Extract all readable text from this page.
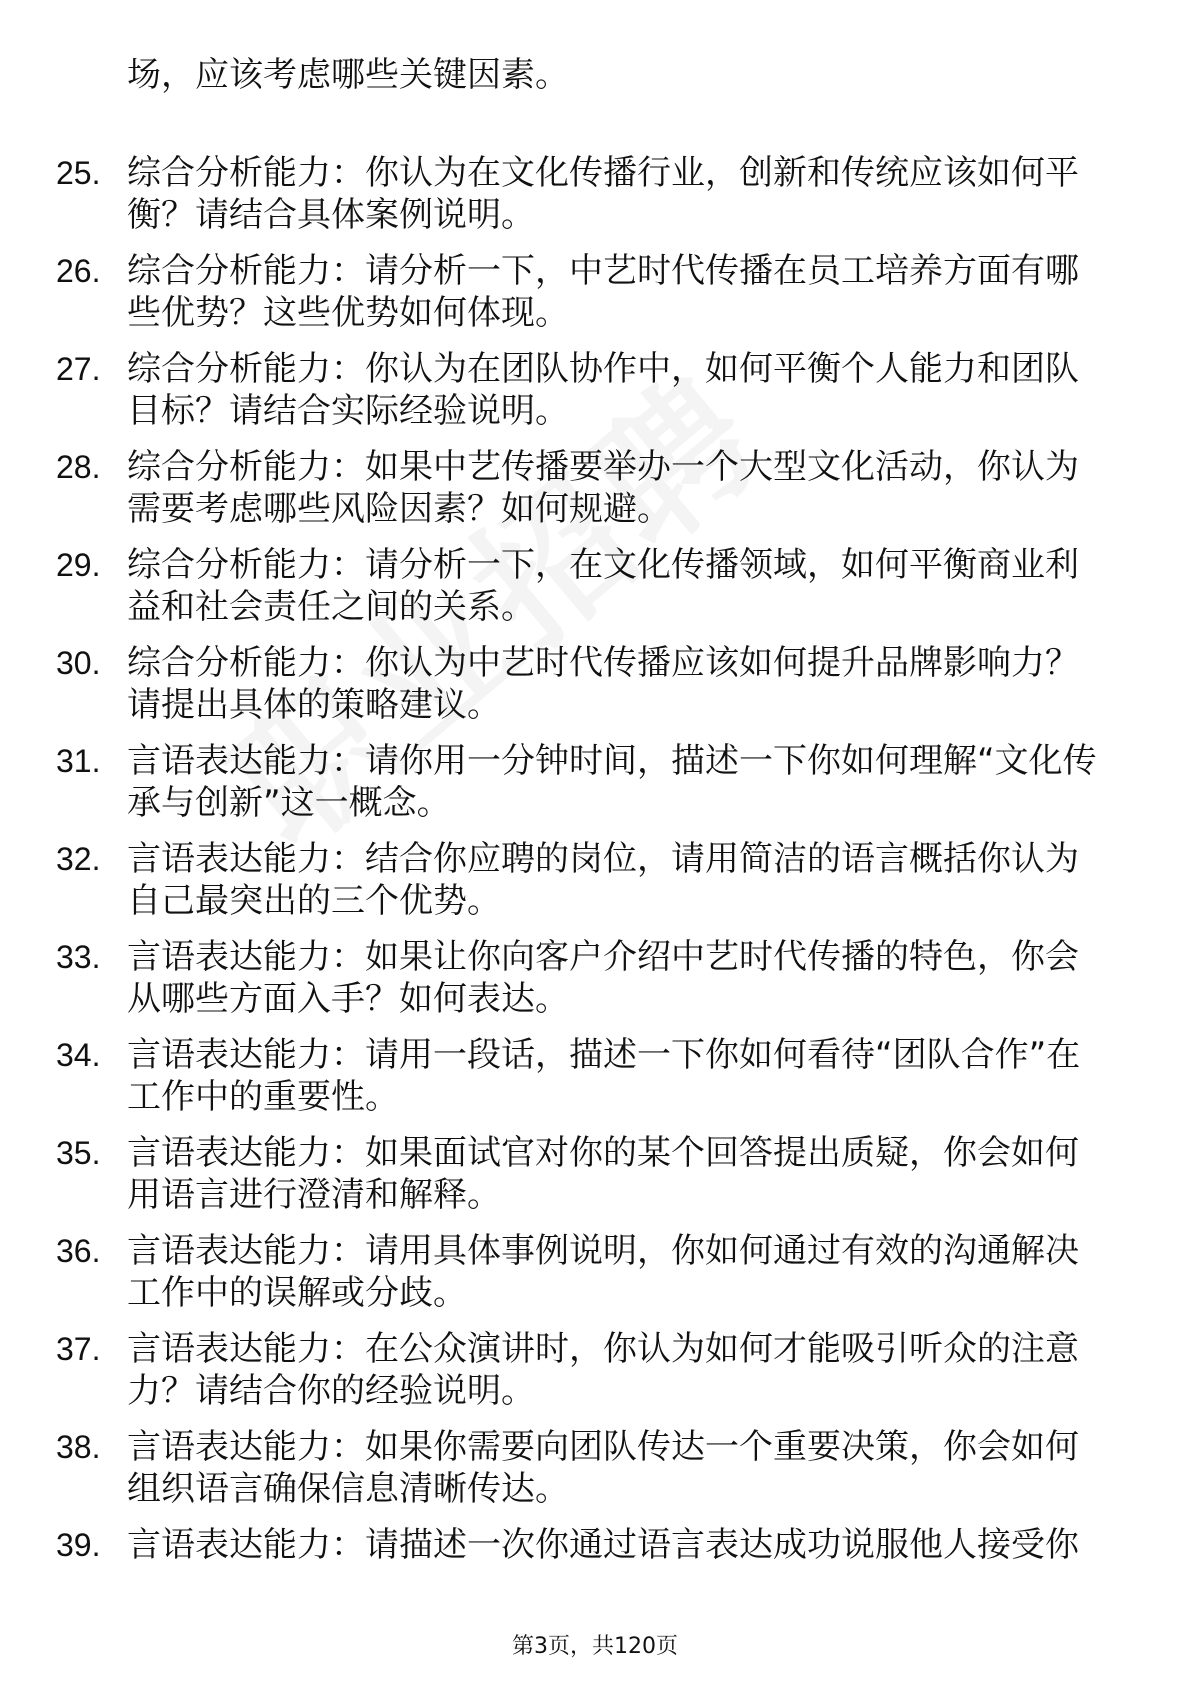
场，应该考虑哪些关键因素。
25. 综合分析能力：你认为在文化传播行业，创新和传统应该如何平
衡？请结合具体案例说明。
26. 综合分析能力：请分析一下，中艺时代传播在员工培养方面有哪
些优势？这些优势如何体现。
27. 综合分析能力：你认为在团队协作中，如何平衡个人能力和团队
目标？请结合实际经验说明。
28. 综合分析能力：如果中艺传播要举办一个大型文化活动，你认为
需要考虑哪些风险因素？如何规避。
29. 综合分析能力：请分析一下，在文化传播领域，如何平衡商业利
益和社会责任之间的关系。
30. 综合分析能力：你认为中艺时代传播应该如何提升品牌影响力？
请提出具体的策略建议。
31. 言语表达能力：请你用一分钟时间，描述一下你如何理解“文化传
承与创新”这一概念。
32. 言语表达能力：结合你应聘的岗位，请用简洁的语言概括你认为
自己最突出的三个优势。
33. 言语表达能力：如果让你向客户介绍中艺时代传播的特色，你会
从哪些方面入手？如何表达。
34. 言语表达能力：请用一段话，描述一下你如何看待“团队合作”在
工作中的重要性。
35. 言语表达能力：如果面试官对你的某个回答提出质疑，你会如何
用语言进行澄清和解释。
36. 言语表达能力：请用具体事例说明，你如何通过有效的沟通解决
工作中的误解或分歧。
37. 言语表达能力：在公众演讲时，你认为如何才能吸引听众的注意
力？请结合你的经验说明。
38. 言语表达能力：如果你需要向团队传达一个重要决策，你会如何
组织语言确保信息清晰传达。
39. 言语表达能力：请描述一次你通过语言表达成功说服他人接受你
第3页，共120页
